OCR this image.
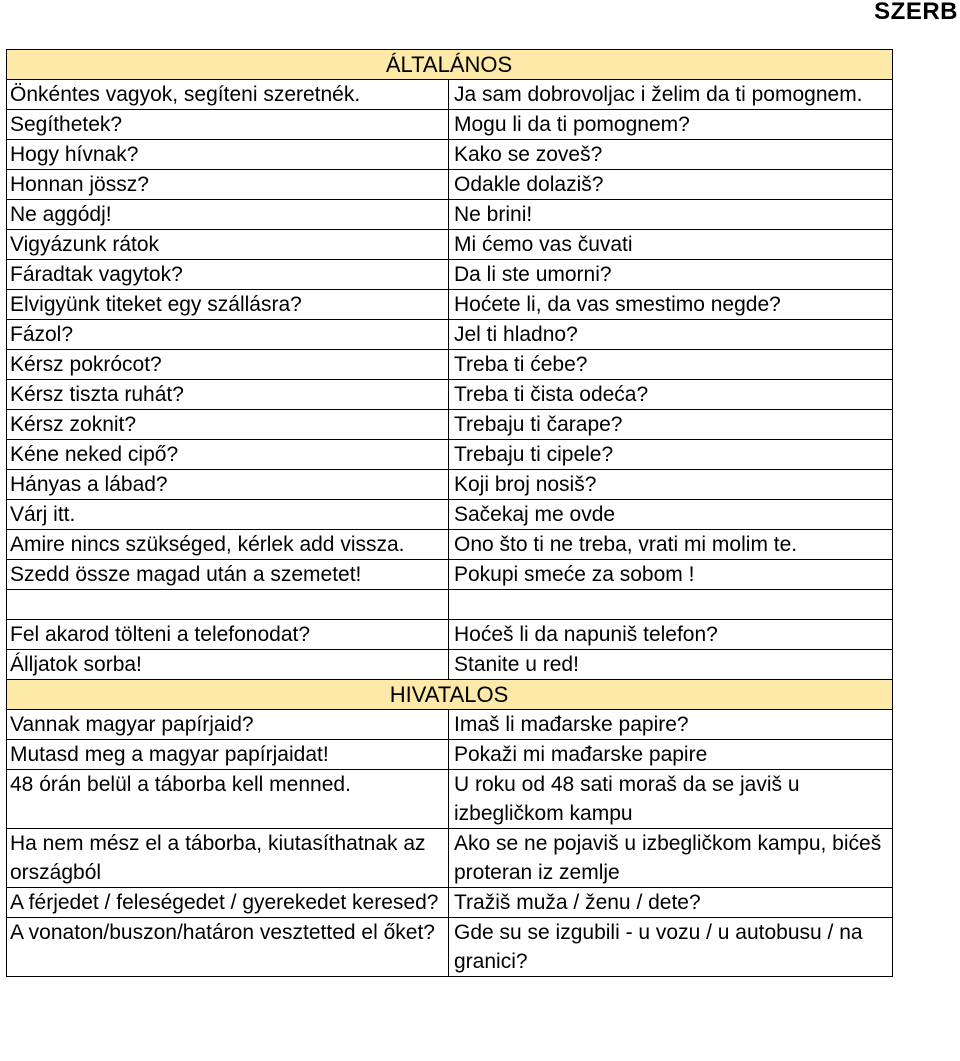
SZERB
ÁLTALÁNOS	
Önkéntes vagyok, segíteni szeretnék.	Ja sam dobrovoljac i želim da ti pomognem.
Segíthetek?	Mogu li da ti pomognem?
Hogy hívnak?	Kako se zoveš?
Honnan jössz?	Odakle dolaziš?
Ne aggódj!	Ne brini!
Vigyázunk rátok	Mi ćemo vas čuvati
Fáradtak vagytok?	Da li ste umorni?
Elvigyünk titeket egy szállásra?	Hoćete li, da vas smestimo negde?
Fázol?	Jel ti hladno?
Kérsz pokrócot?	Treba ti ćebe?
Kérsz tiszta ruhát?	Treba ti čista odeća?
Kérsz zoknit?	Trebaju ti čarape?
Kéne neked cipő?	Trebaju ti cipele?
Hányas a lábad?	Koji broj nosiš?
Várj itt.	Sačekaj me ovde
Amire nincs szükséged, kérlek add vissza.	Ono što ti ne treba, vrati mi molim te.
Szedd össze magad után a szemetet!	Pokupi smeće za sobom !

Fel akarod tölteni a telefonodat?	Hoćeš li da napuniš telefon?
Álljatok sorba!	Stanite u red!
HIVATALOS	
Vannak magyar papírjaid?	Imaš li mađarske papire?
Mutasd meg a magyar papírjaidat!	Pokaži mi mađarske papire
48 órán belül a táborba kell menned.	U roku od 48 sati moraš da se javiš u izbegličkom kampu
Ha nem mész el a táborba, kiutasíthatnak az országból	Ako se ne pojaviš u izbegličkom kampu, bićeš proteran iz zemlje
A férjedet / feleségedet / gyerekedet keresed?	Tražiš muža / ženu / dete?
A vonaton/buszon/határon vesztetted el őket?	Gde su se izgubili - u vozu / u autobusu / na granici?
